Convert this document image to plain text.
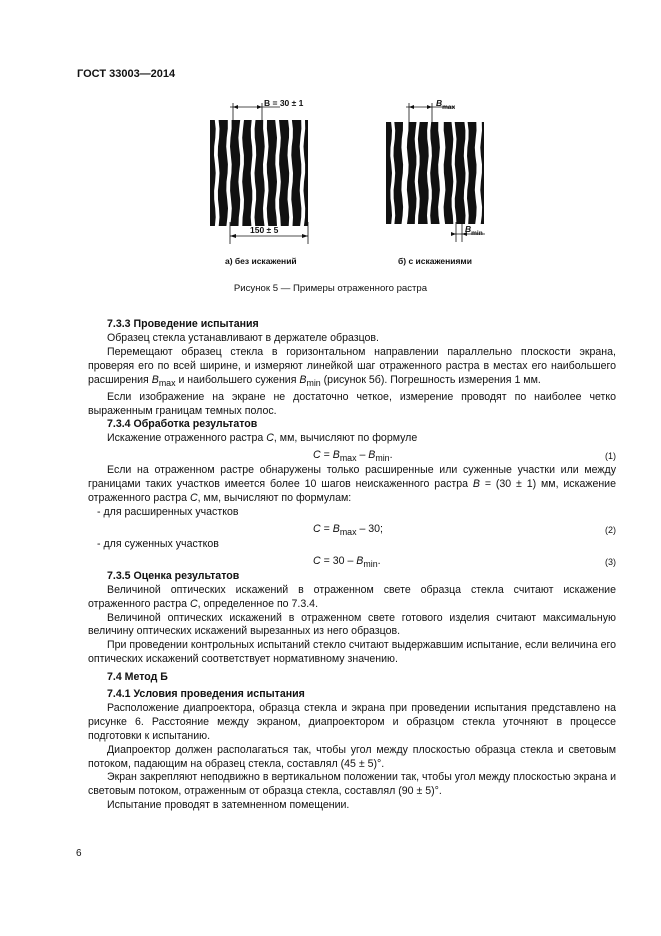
ГОСТ 33003—2014
B = 30 ± 1
150 ± 5
$B_{max}$
$B_{min}$
а) без искажений	б) с искажениями
Рисунок 5 — Примеры отраженного растра

7.3.3 Проведение испытания

Образец стекла устанавливают в держателе образцов.

Перемещают образец стекла в горизонтальном направлении параллельно плоскости экрана, проверяя его по всей ширине, и измеряют линейкой шаг отраженного растра в местах его наибольшего расширения $B_{max}$ и наибольшего сужения $B_{min}$ (рисунок 5б). Погрешность измерения 1 мм.

Если изображение на экране не достаточно четкое, измерение проводят по наиболее четко выраженным границам темных полос.

7.3.4 Обработка результатов

Искажение отраженного растра C, мм, вычисляют по формуле

$C = B_{max} - B_{min}$.	(1)

Если на отраженном растре обнаружены только расширенные или суженные участки или между границами таких участков имеется более 10 шагов неискаженного растра B = (30 ± 1) мм, искажение отраженного растра C, мм, вычисляют по формулам:

- для расширенных участков

$C = B_{max} - 30$;	(2)

- для суженных участков

$C = 30 - B_{min}$.	(3)

7.3.5 Оценка результатов

Величиной оптических искажений в отраженном свете образца стекла считают искажение отраженного растра C, определенное по 7.3.4.

Величиной оптических искажений в отраженном свете готового изделия считают максимальную величину оптических искажений вырезанных из него образцов.

При проведении контрольных испытаний стекло считают выдержавшим испытание, если величина его оптических искажений соответствует нормативному значению.

7.4 Метод Б

7.4.1 Условия проведения испытания

Расположение диапроектора, образца стекла и экрана при проведении испытания представлено на рисунке 6. Расстояние между экраном, диапроектором и образцом стекла уточняют в процессе подготовки к испытанию.

Диапроектор должен располагаться так, чтобы угол между плоскостью образца стекла и световым потоком, падающим на образец стекла, составлял (45 ± 5)°.

Экран закрепляют неподвижно в вертикальном положении так, чтобы угол между плоскостью экрана и световым потоком, отраженным от образца стекла, составлял (90 ± 5)°.

Испытание проводят в затемненном помещении.

6
